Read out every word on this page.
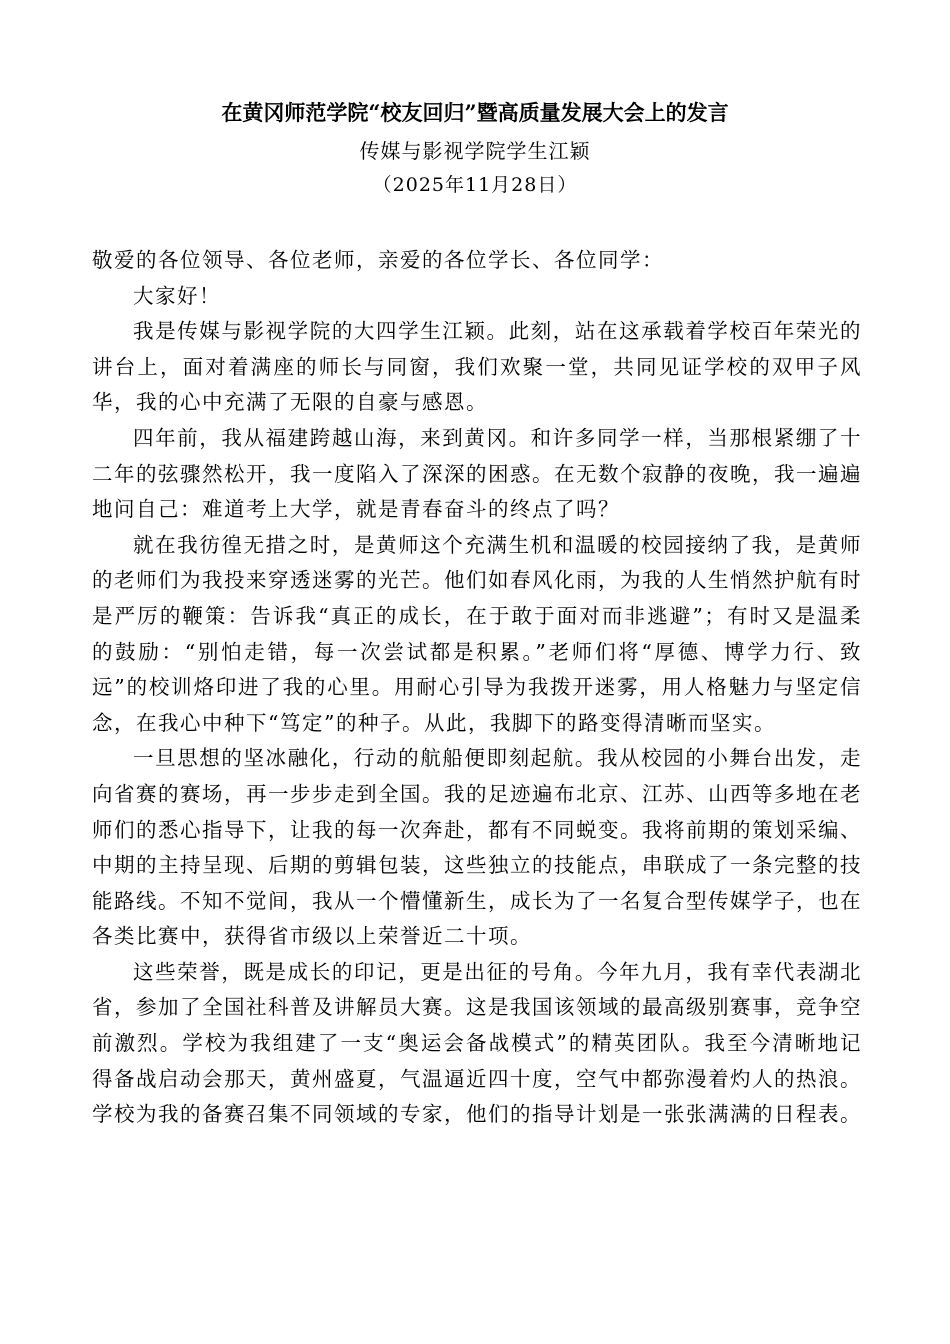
在黄冈师范学院“校友回归”暨高质量发展大会上的发言
传媒与影视学院学生江颖
（2025年11月28日）

敬爱的各位领导、各位老师，亲爱的各位学长、各位同学：

大家好！

我是传媒与影视学院的大四学生江颖。此刻，站在这承载着学校百年荣光的讲台上，面对着满座的师长与同窗，我们欢聚一堂，共同见证学校的双甲子风华，我的心中充满了无限的自豪与感恩。

四年前，我从福建跨越山海，来到黄冈。和许多同学一样，当那根紧绷了十二年的弦骤然松开，我一度陷入了深深的困惑。在无数个寂静的夜晚，我一遍遍地问自己：难道考上大学，就是青春奋斗的终点了吗？

就在我彷徨无措之时，是黄师这个充满生机和温暖的校园接纳了我，是黄师的老师们为我投来穿透迷雾的光芒。他们如春风化雨，为我的人生悄然护航有时是严厉的鞭策：告诉我“真正的成长，在于敢于面对而非逃避”；有时又是温柔的鼓励：“别怕走错，每一次尝试都是积累。”老师们将“厚德、博学力行、致远”的校训烙印进了我的心里。用耐心引导为我拨开迷雾，用人格魅力与坚定信念，在我心中种下“笃定”的种子。从此，我脚下的路变得清晰而坚实。

一旦思想的坚冰融化，行动的航船便即刻起航。我从校园的小舞台出发，走向省赛的赛场，再一步步走到全国。我的足迹遍布北京、江苏、山西等多地在老师们的悉心指导下，让我的每一次奔赴，都有不同蜕变。我将前期的策划采编、中期的主持呈现、后期的剪辑包装，这些独立的技能点，串联成了一条完整的技能路线。不知不觉间，我从一个懵懂新生，成长为了一名复合型传媒学子，也在各类比赛中，获得省市级以上荣誉近二十项。

这些荣誉，既是成长的印记，更是出征的号角。今年九月，我有幸代表湖北省，参加了全国社科普及讲解员大赛。这是我国该领域的最高级别赛事，竞争空前激烈。学校为我组建了一支“奥运会备战模式”的精英团队。我至今清晰地记得备战启动会那天，黄州盛夏，气温逼近四十度，空气中都弥漫着灼人的热浪。学校为我的备赛召集不同领域的专家，他们的指导计划是一张张满满的日程表。
